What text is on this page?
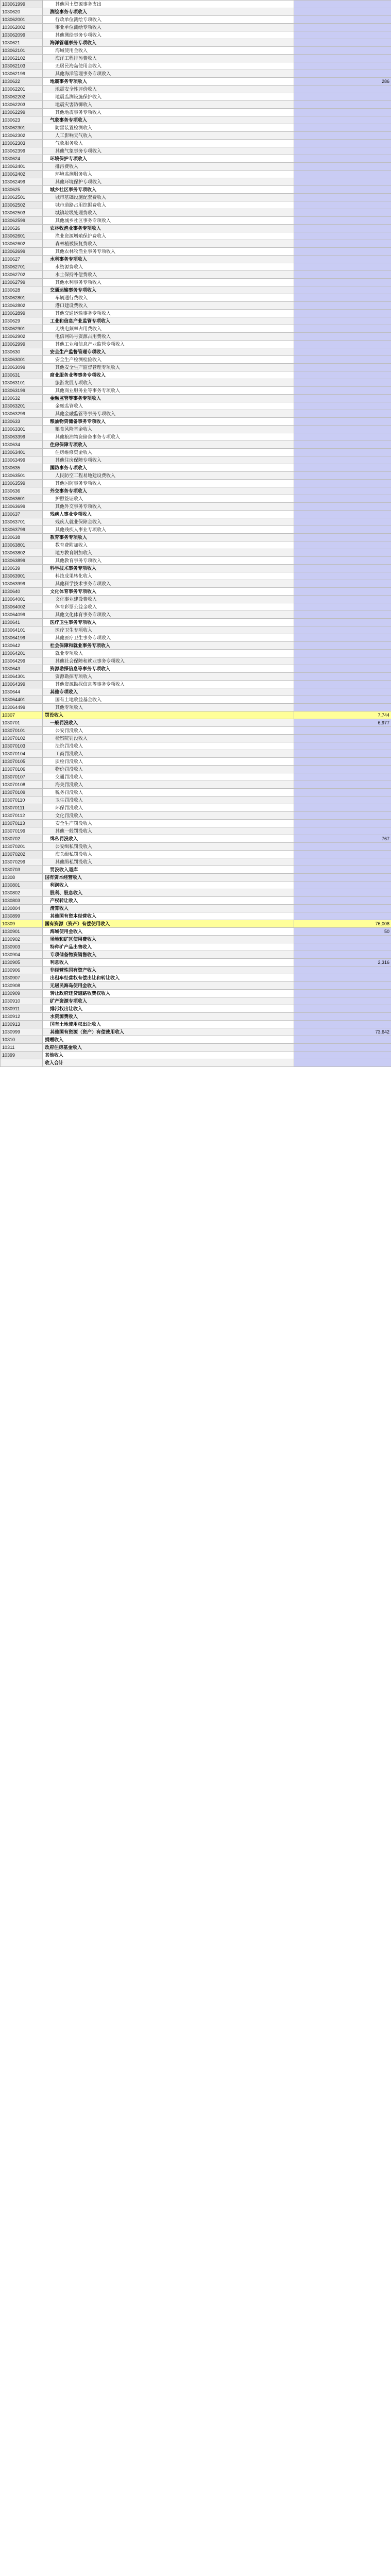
103061999	其他国土资源事务支出	
1030620	测绘事务专项收入	
103062001	行政单位测绘专项收入	
103062002	事业单位测绘专项收入	
103062099	其他测绘事务专项收入	
1030621	海洋管理事务专项收入	
103062101	海域使用金收入	
103062102	海洋工程排污费收入	
103062103	无居民海岛使用金收入	
103062199	其他海洋管理事务专项收入	
1030622	地震事务专项收入	286
103062201	地震安全性评价收入	
103062202	地震监测设施保护收入	
103062203	地震灾害防御收入	
103062299	其他地震事务专项收入	
1030623	气象事务专项收入	
103062301	防雷装置检测收入	
103062302	人工影响天气收入	
103062303	气象服务收入	
103062399	其他气象事务专项收入	
1030624	环境保护专项收入	
103062401	排污费收入	
103062402	环境监测服务收入	
103062499	其他环境保护专项收入	
1030625	城乡社区事务专项收入	
103062501	城市基础设施配套费收入	
103062502	城市道路占用挖掘费收入	
103062503	城镇垃圾处理费收入	
103062599	其他城乡社区事务专项收入	
1030626	农林牧渔业事务专项收入	
103062601	渔业资源增殖保护费收入	
103062602	森林植被恢复费收入	
103062699	其他农林牧渔业事务专项收入	
1030627	水利事务专项收入	
103062701	水资源费收入	
103062702	水土保持补偿费收入	
103062799	其他水利事务专项收入	
1030628	交通运输事务专项收入	
103062801	车辆通行费收入	
103062802	港口建设费收入	
103062899	其他交通运输事务专项收入	
1030629	工业和信息产业监管专项收入	
103062901	无线电频率占用费收入	
103062902	电信网码号资源占用费收入	
103062999	其他工业和信息产业监管专项收入	
1030630	安全生产监督管理专项收入	
103063001	安全生产检测检验收入	
103063099	其他安全生产监督管理专项收入	
1030631	商业服务业等事务专项收入	
103063101	旅游发展专项收入	
103063199	其他商业服务业等事务专项收入	
1030632	金融监管等事务专项收入	
103063201	金融监管收入	
103063299	其他金融监管等事务专项收入	
1030633	粮油物资储备事务专项收入	
103063301	粮食风险基金收入	
103063399	其他粮油物资储备事务专项收入	
1030634	住房保障专项收入	
103063401	住房维修资金收入	
103063499	其他住房保障专项收入	
1030635	国防事务专项收入	
103063501	人民防空工程易地建设费收入	
103063599	其他国防事务专项收入	
1030636	外交事务专项收入	
103063601	护照签证收入	
103063699	其他外交事务专项收入	
1030637	残疾人事业专项收入	
103063701	残疾人就业保障金收入	
103063799	其他残疾人事业专项收入	
1030638	教育事务专项收入	
103063801	教育费附加收入	
103063802	地方教育附加收入	
103063899	其他教育事务专项收入	
1030639	科学技术事务专项收入	
103063901	科技成果转化收入	
103063999	其他科学技术事务专项收入	
1030640	文化体育事务专项收入	
103064001	文化事业建设费收入	
103064002	体育彩票公益金收入	
103064099	其他文化体育事务专项收入	
1030641	医疗卫生事务专项收入	
103064101	医疗卫生专项收入	
103064199	其他医疗卫生事务专项收入	
1030642	社会保障和就业事务专项收入	
103064201	就业专项收入	
103064299	其他社会保障和就业事务专项收入	
1030643	资源勘探信息等事务专项收入	
103064301	资源勘探专项收入	
103064399	其他资源勘探信息等事务专项收入	
1030644	其他专项收入	
103064401	国有土地收益基金收入	
103064499	其他专项收入	
10307	罚没收入	7,744
1030701	一般罚没收入	6,977
103070101	公安罚没收入	
103070102	检察院罚没收入	
103070103	法院罚没收入	
103070104	工商罚没收入	
103070105	质检罚没收入	
103070106	物价罚没收入	
103070107	交通罚没收入	
103070108	海关罚没收入	
103070109	税务罚没收入	
103070110	卫生罚没收入	
103070111	环保罚没收入	
103070112	文化罚没收入	
103070113	安全生产罚没收入	
103070199	其他一般罚没收入	
1030702	缉私罚没收入	767
103070201	公安缉私罚没收入	
103070202	海关缉私罚没收入	
103070299	其他缉私罚没收入	
1030703	罚没收入退库	
10308	国有资本经营收入	
1030801	利润收入	
1030802	股利、股息收入	
1030803	产权转让收入	
1030804	清算收入	
1030899	其他国有资本经营收入	
10309	国有资源（资产）有偿使用收入	76,008
1030901	海域使用金收入	50
1030902	场地和矿区使用费收入	
1030903	特种矿产品出售收入	
1030904	专项储备物资销售收入	
1030905	利息收入	2,316
1030906	非经营性国有资产收入	
1030907	出租车经营权有偿出让和转让收入	
1030908	无居民海岛使用金收入	
1030909	转让政府还贷道路收费权收入	
1030910	矿产资源专项收入	
1030911	排污权出让收入	
1030912	水资源费收入	
1030913	国有土地使用权出让收入	
1030999	其他国有资源（资产）有偿使用收入	73,642
10310	捐赠收入	
10311	政府住房基金收入	
10399	其他收入	
	收入合计	
